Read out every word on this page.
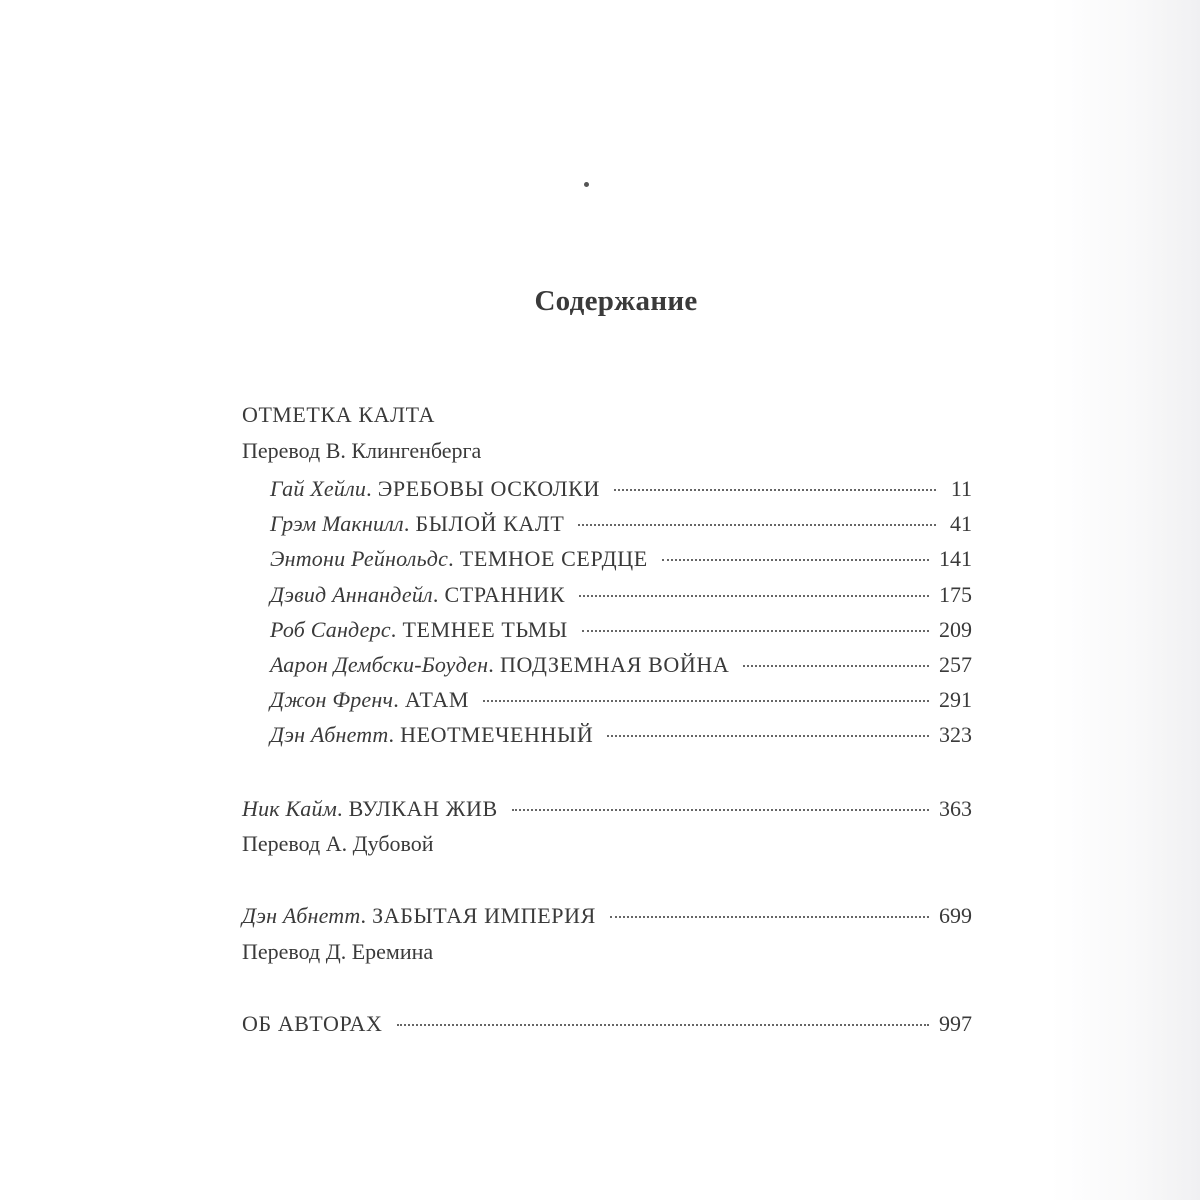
Содержание
ОТМЕТКА КАЛТА
Перевод В. Клингенберга
Гай Хейли. ЭРЕБОВЫ ОСКОЛКИ	11
Грэм Макнилл. БЫЛОЙ КАЛТ	41
Энтони Рейнольдс. ТЕМНОЕ СЕРДЦЕ	141
Дэвид Аннандейл. СТРАННИК	175
Роб Сандерс. ТЕМНЕЕ ТЬМЫ	209
Аарон Дембски-Боуден. ПОДЗЕМНАЯ ВОЙНА	257
Джон Френч. АТАМ	291
Дэн Абнетт. НЕОТМЕЧЕННЫЙ	323
Ник Кайм. ВУЛКАН ЖИВ	363
Перевод А. Дубовой
Дэн Абнетт. ЗАБЫТАЯ ИМПЕРИЯ	699
Перевод Д. Еремина
ОБ АВТОРАХ	997
